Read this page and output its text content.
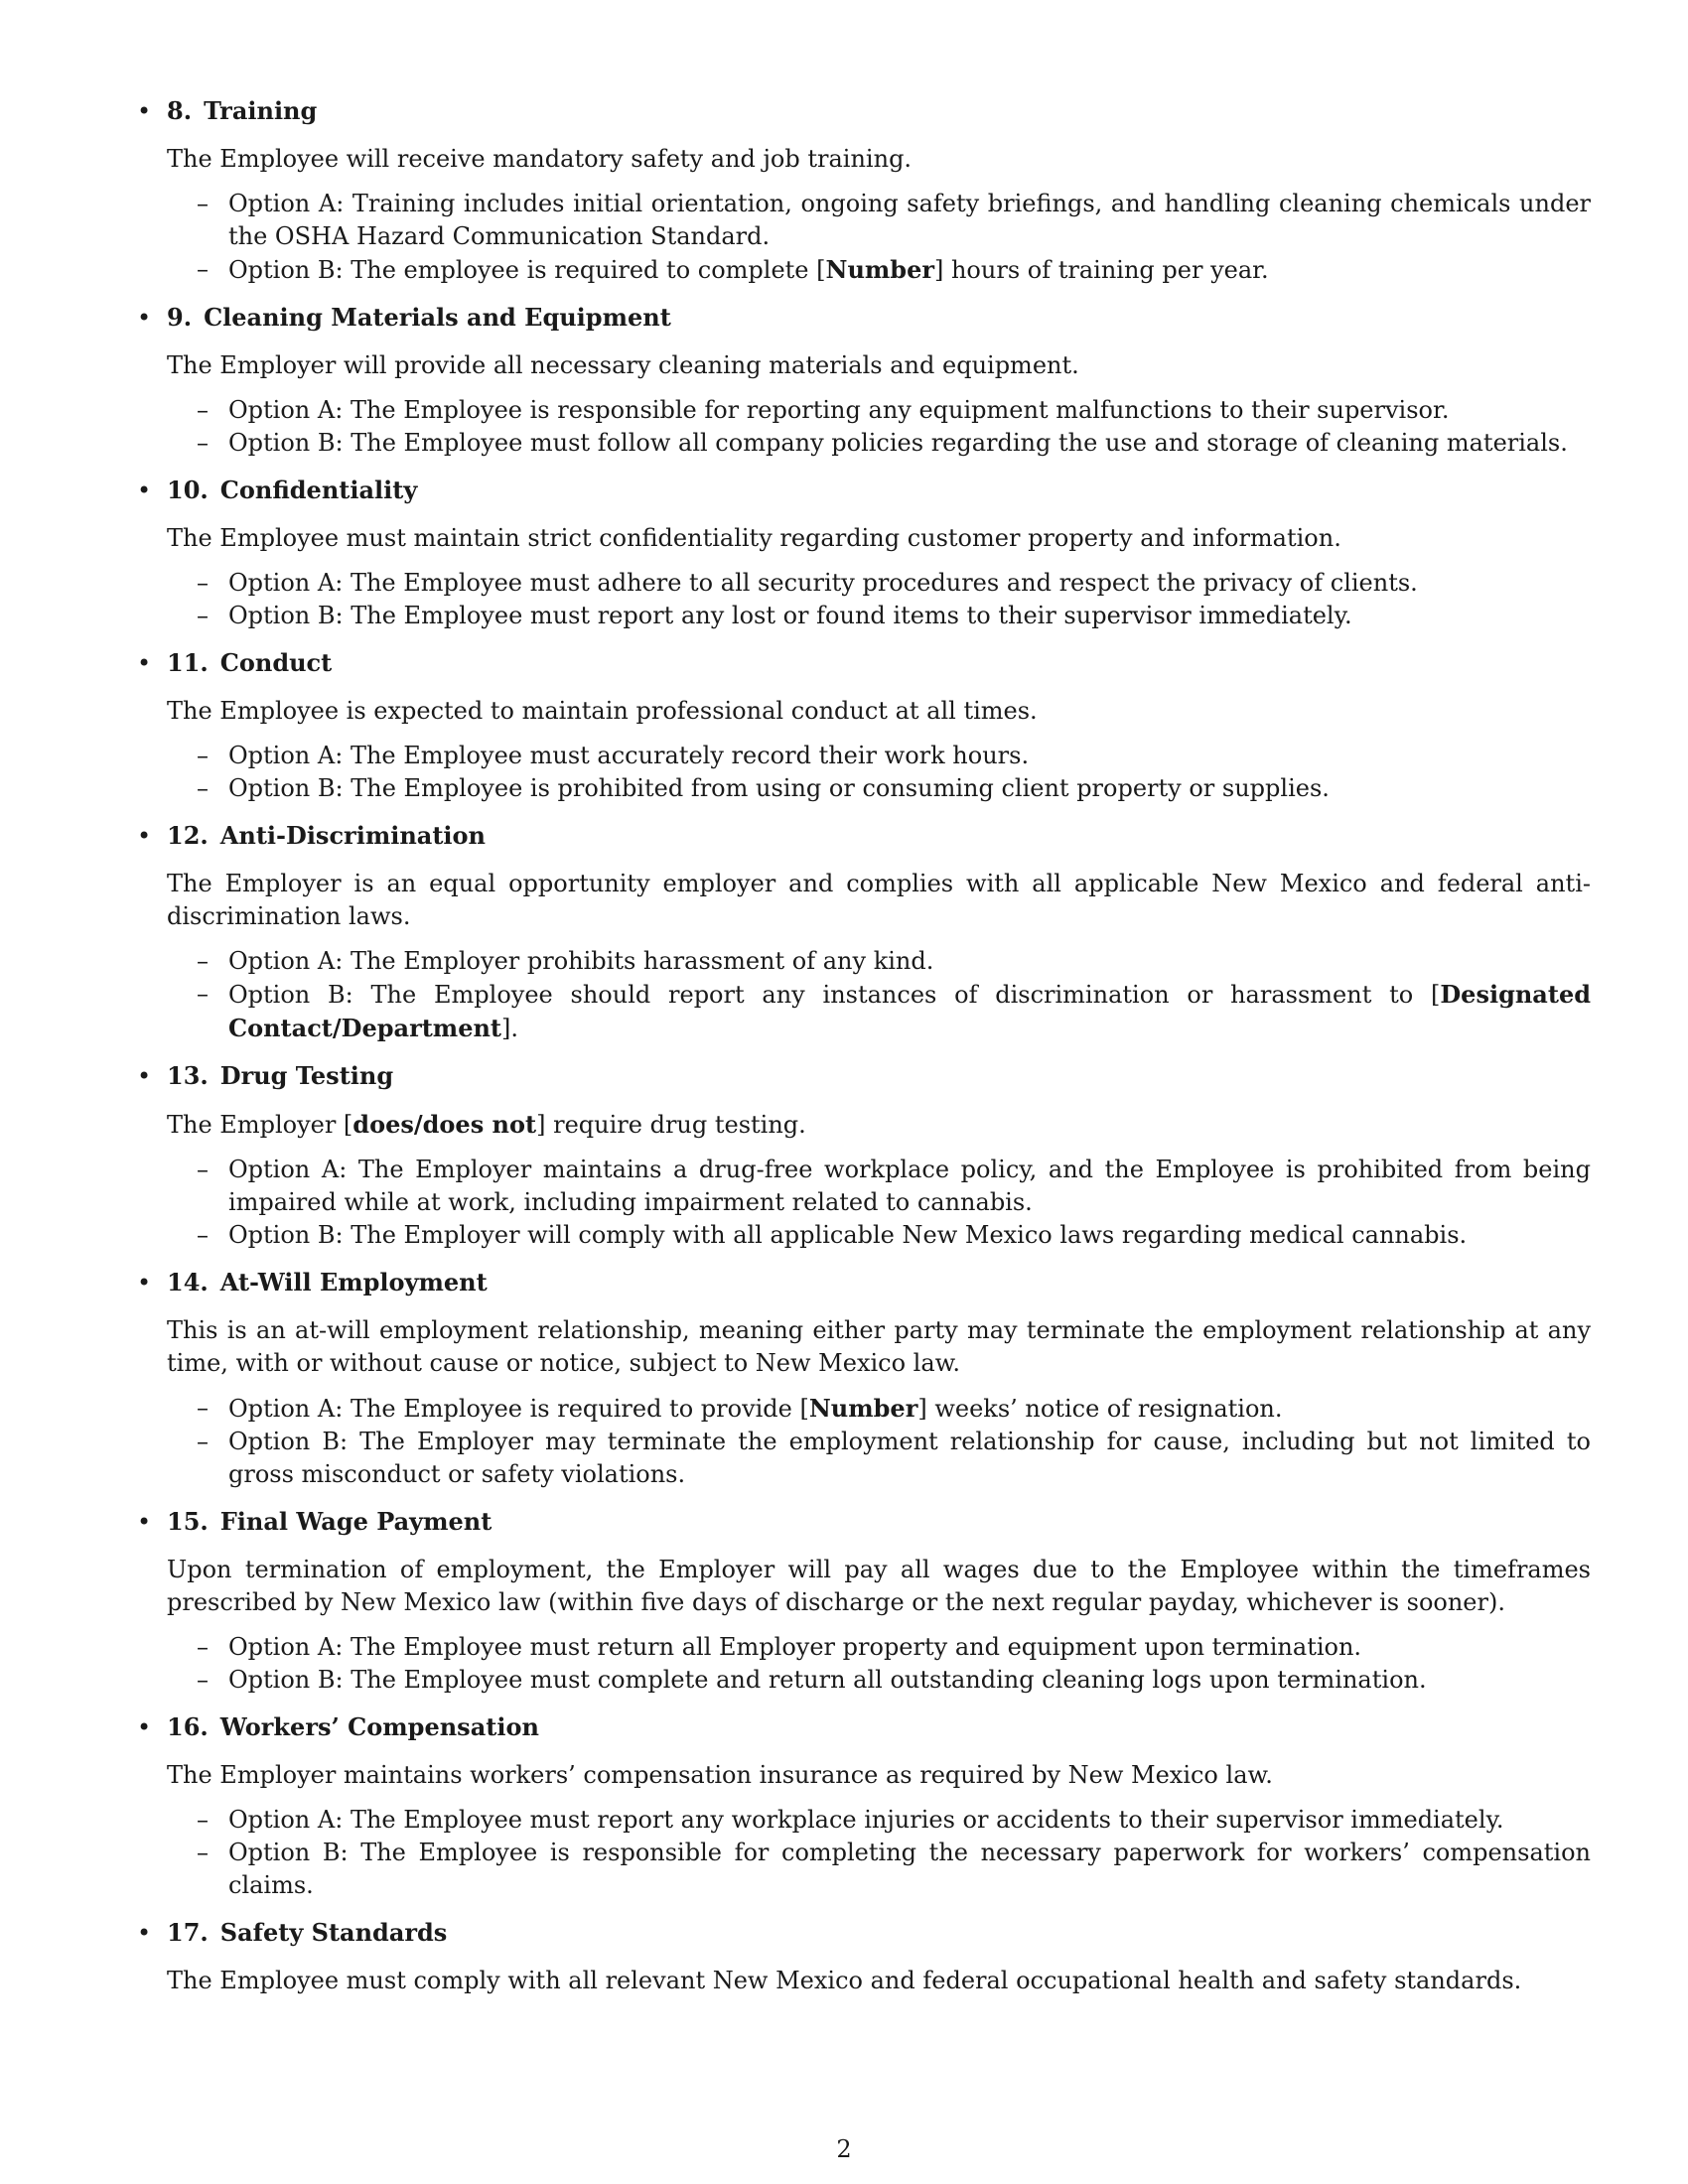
• 8. Training

The Employee will receive mandatory safety and job training.

– Option A: Training includes initial orientation, ongoing safety briefings, and handling cleaning chemicals under the OSHA Hazard Communication Standard.
– Option B: The employee is required to complete [Number] hours of training per year.
• 9. Cleaning Materials and Equipment

The Employer will provide all necessary cleaning materials and equipment.

– Option A: The Employee is responsible for reporting any equipment malfunctions to their supervisor.
– Option B: The Employee must follow all company policies regarding the use and storage of cleaning materials.
• 10. Confidentiality

The Employee must maintain strict confidentiality regarding customer property and information.

– Option A: The Employee must adhere to all security procedures and respect the privacy of clients.
– Option B: The Employee must report any lost or found items to their supervisor immediately.
• 11. Conduct

The Employee is expected to maintain professional conduct at all times.

– Option A: The Employee must accurately record their work hours.
– Option B: The Employee is prohibited from using or consuming client property or supplies.
• 12. Anti-Discrimination

The Employer is an equal opportunity employer and complies with all applicable New Mexico and federal anti-discrimination laws.

– Option A: The Employer prohibits harassment of any kind.
– Option B: The Employee should report any instances of discrimination or harassment to [Designated Contact/Department].
• 13. Drug Testing

The Employer [does/does not] require drug testing.

– Option A: The Employer maintains a drug-free workplace policy, and the Employee is prohibited from being impaired while at work, including impairment related to cannabis.
– Option B: The Employer will comply with all applicable New Mexico laws regarding medical cannabis.
• 14. At-Will Employment

This is an at-will employment relationship, meaning either party may terminate the employment relationship at any time, with or without cause or notice, subject to New Mexico law.

– Option A: The Employee is required to provide [Number] weeks’ notice of resignation.
– Option B: The Employer may terminate the employment relationship for cause, including but not limited to gross misconduct or safety violations.
• 15. Final Wage Payment

Upon termination of employment, the Employer will pay all wages due to the Employee within the timeframes prescribed by New Mexico law (within five days of discharge or the next regular payday, whichever is sooner).

– Option A: The Employee must return all Employer property and equipment upon termination.
– Option B: The Employee must complete and return all outstanding cleaning logs upon termination.
• 16. Workers’ Compensation

The Employer maintains workers’ compensation insurance as required by New Mexico law.

– Option A: The Employee must report any workplace injuries or accidents to their supervisor immediately.
– Option B: The Employee is responsible for completing the necessary paperwork for workers’ compensation claims.
• 17. Safety Standards

The Employee must comply with all relevant New Mexico and federal occupational health and safety standards.

2
